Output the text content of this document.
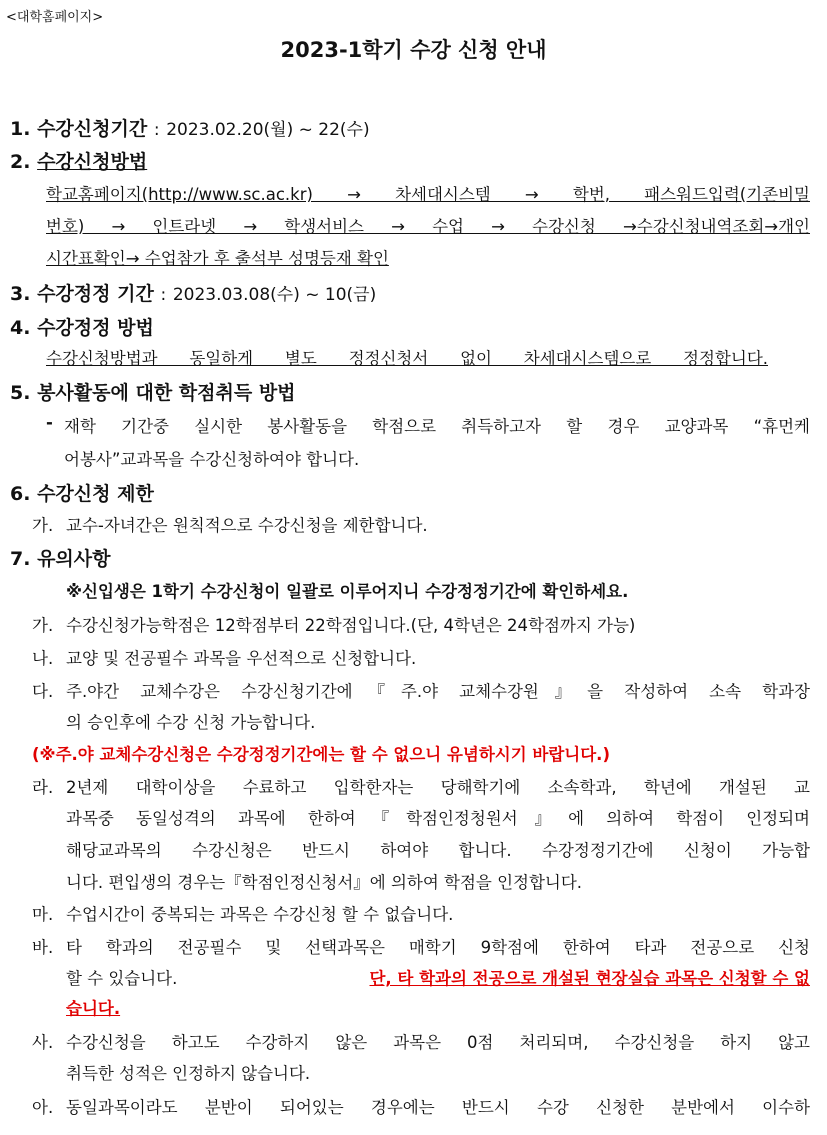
<대학홈페이지>
2023-1학기 수강 신청 안내
1. 수강신청기간 : 2023.02.20(월) ~ 22(수)
2. 수강신청방법
학교홈페이지(http://www.sc.ac.kr) → 차세대시스템 → 학번, 패스워드입력(기존비밀
번호) → 인트라넷 → 학생서비스 → 수업 → 수강신청 →수강신청내역조회→개인
시간표확인→ 수업참가 후 출석부 성명등재 확인
3. 수강정정 기간 : 2023.03.08(수) ~ 10(금)
4. 수강정정 방법
수강신청방법과 동일하게 별도 정정신청서 없이 차세대시스템으로 정정합니다.
5. 봉사활동에 대한 학점취득 방법
- 재학 기간중 실시한 봉사활동을 학점으로 취득하고자 할 경우 교양과목 “휴먼케
어봉사”교과목을 수강신청하여야 합니다.
6. 수강신청 제한
가. 교수-자녀간은 원칙적으로 수강신청을 제한합니다.
7. 유의사항
※신입생은 1학기 수강신청이 일괄로 이루어지니 수강정정기간에 확인하세요.
가. 수강신청가능학점은 12학점부터 22학점입니다.(단, 4학년은 24학점까지 가능)
나. 교양 및 전공필수 과목을 우선적으로 신청합니다.
다. 주.야간 교체수강은 수강신청기간에『주.야 교체수강원』을 작성하여 소속 학과장
의 승인후에 수강 신청 가능합니다.
(※주.야 교체수강신청은 수강정정기간에는 할 수 없으니 유념하시기 바랍니다.)
라. 2년제 대학이상을 수료하고 입학한자는 당해학기에 소속학과, 학년에 개설된 교
과목중 동일성격의 과목에 한하여『학점인정청원서』에 의하여 학점이 인정되며
해당교과목의 수강신청은 반드시 하여야 합니다. 수강정정기간에 신청이 가능합
니다. 편입생의 경우는『학점인정신청서』에 의하여 학점을 인정합니다.
마. 수업시간이 중복되는 과목은 수강신청 할 수 없습니다.
바. 타 학과의 전공필수 및 선택과목은 매학기 9학점에 한하여 타과 전공으로 신청
할 수 있습니다.	단, 타 학과의 전공으로 개설된 현장실습 과목은 신청할 수 없
습니다.
사. 수강신청을 하고도 수강하지 않은 과목은 0점 처리되며, 수강신청을 하지 않고
취득한 성적은 인정하지 않습니다.
아. 동일과목이라도 분반이 되어있는 경우에는 반드시 수강 신청한 분반에서 이수하
